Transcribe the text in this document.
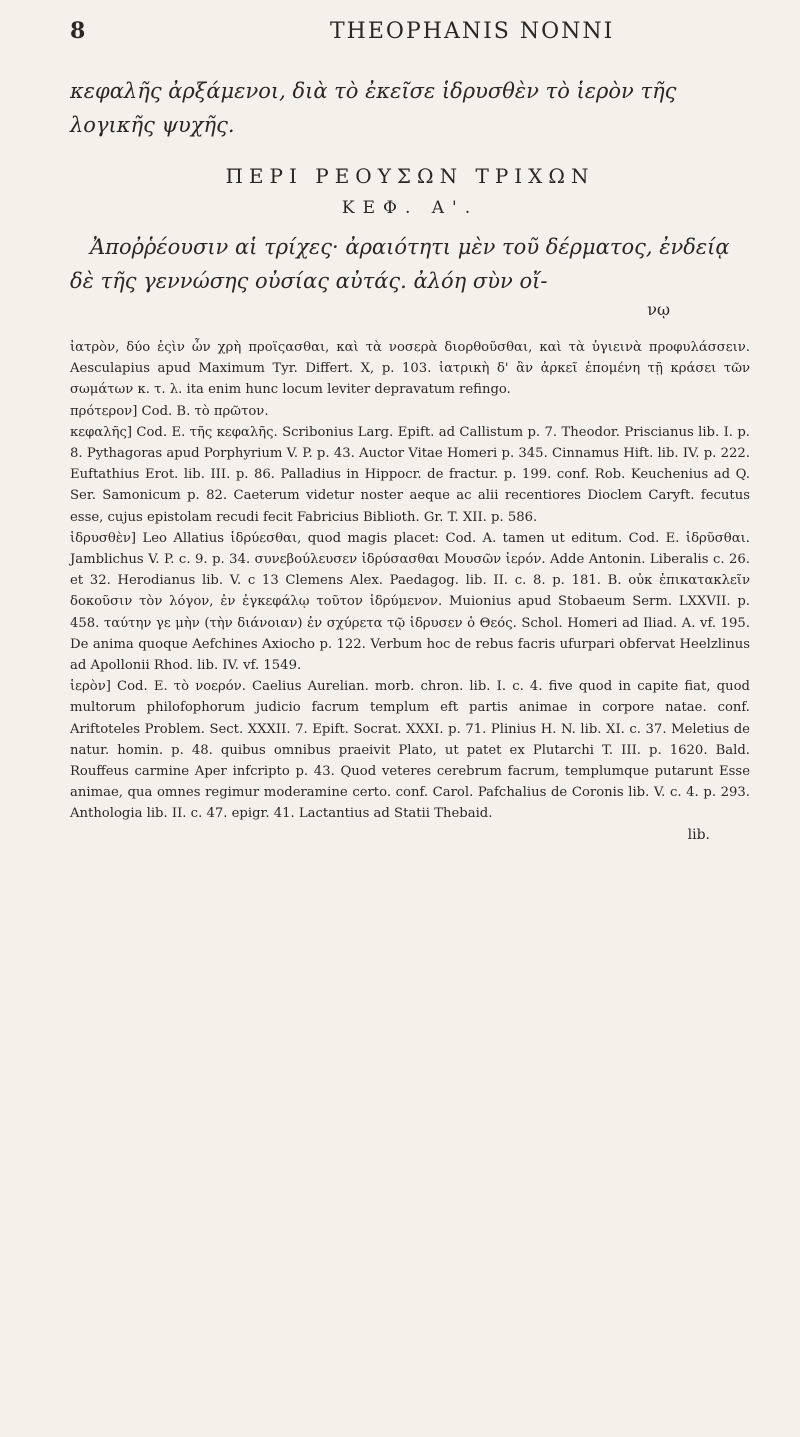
8	THEOPHANIS NONNI
κεφαλῆς ἀρξάμενοι, διὰ τὸ ἐκεῖσε ἱδρυσθὲν τὸ ἱερὸν τῆς λογικῆς ψυχῆς.
ΠΕΡΙ ΡΕΟΥΣΩΝ ΤΡΙΧΩΝ
ΚΕΦ. Α'.
Ἀποῤῥέουσιν αἱ τρίχες· ἀραιότητι μὲν τοῦ δέρματος, ἐνδείᾳ δὲ τῆς γεννώσης οὐσίας αὐτάς. ἀλόη σὺν οἴ-
νῳ

ἰατρὸν, δύο ἐςὶν ὧν χρὴ προϊςασθαι, καὶ τὰ νοσερὰ διορθοῦσθαι, καὶ τὰ ὑγιεινὰ προφυλάσσειν. Aesculapius apud Maximum Tyr. Differt. X, p. 103. ἰατρικὴ δ' ἂν ἀρκεῖ ἑπομένη τῇ κράσει τῶν σωμάτων κ. τ. λ. ita enim hunc locum leviter depravatum refingo.

πρότερον] Cod. B. τὸ πρῶτον.

κεφαλῆς] Cod. E. τῆς κεφαλῆς. Scribonius Larg. Epift. ad Callistum p. 7. Theodor. Priscianus lib. I. p. 8. Pythagoras apud Porphyrium V. P. p. 43. Auctor Vitae Homeri p. 345. Cinnamus Hift. lib. IV. p. 222. Euftathius Erot. lib. III. p. 86. Palladius in Hippocr. de fractur. p. 199. conf. Rob. Keuchenius ad Q. Ser. Samonicum p. 82. Caeterum videtur noster aeque ac alii recentiores Dioclem Caryft. fecutus esse, cujus epistolam recudi fecit Fabricius Biblioth. Gr. T. XII. p. 586.

ἱδρυσθὲν] Leo Allatius ἱδρύεσθαι, quod magis placet: Cod. A. tamen ut editum. Cod. E. ἱδρῦσθαι. Jamblichus V. P. c. 9. p. 34. συνεβούλευσεν ἱδρύσασθαι Μουσῶν ἱερόν. Adde Antonin. Liberalis c. 26. et 32. Herodianus lib. V. c 13 Clemens Alex. Paedagog. lib. II. c. 8. p. 181. B. οὐκ ἐπικατακλεῖν δοκοῦσιν τὸν λόγον, ἐν ἐγκεφάλῳ τοῦτον ἱδρύμενον. Muionius apud Stobaeum Serm. LXXVII. p. 458. ταύτην γε μὴν (τὴν διάνοιαν) ἐν σχύρετα τῷ ἱδρυσεν ὁ Θεός. Schol. Homeri ad Iliad. A. vf. 195. De anima quoque Aefchines Axiocho p. 122. Verbum hoc de rebus facris ufurpari obfervat Heelzlinus ad Apollonii Rhod. lib. IV. vf. 1549.

ἱερὸν] Cod. E. τὸ νοερόν. Caelius Aurelian. morb. chron. lib. I. c. 4. five quod in capite fiat, quod multorum philofophorum judicio facrum templum eft partis animae in corpore natae. conf. Ariftoteles Problem. Sect. XXXII. 7. Epift. Socrat. XXXI. p. 71. Plinius H. N. lib. XI. c. 37. Meletius de natur. homin. p. 48. quibus omnibus praeivit Plato, ut patet ex Plutarchi T. III. p. 1620. Bald. Rouffeus carmine Aper infcripto p. 43. Quod veteres cerebrum facrum, templumque putarunt Esse animae, qua omnes regimur moderamine certo. conf. Carol. Pafchalius de Coronis lib. V. c. 4. p. 293. Anthologia lib. II. c. 47. epigr. 41. Lactantius ad Statii Thebaid.

lib.
